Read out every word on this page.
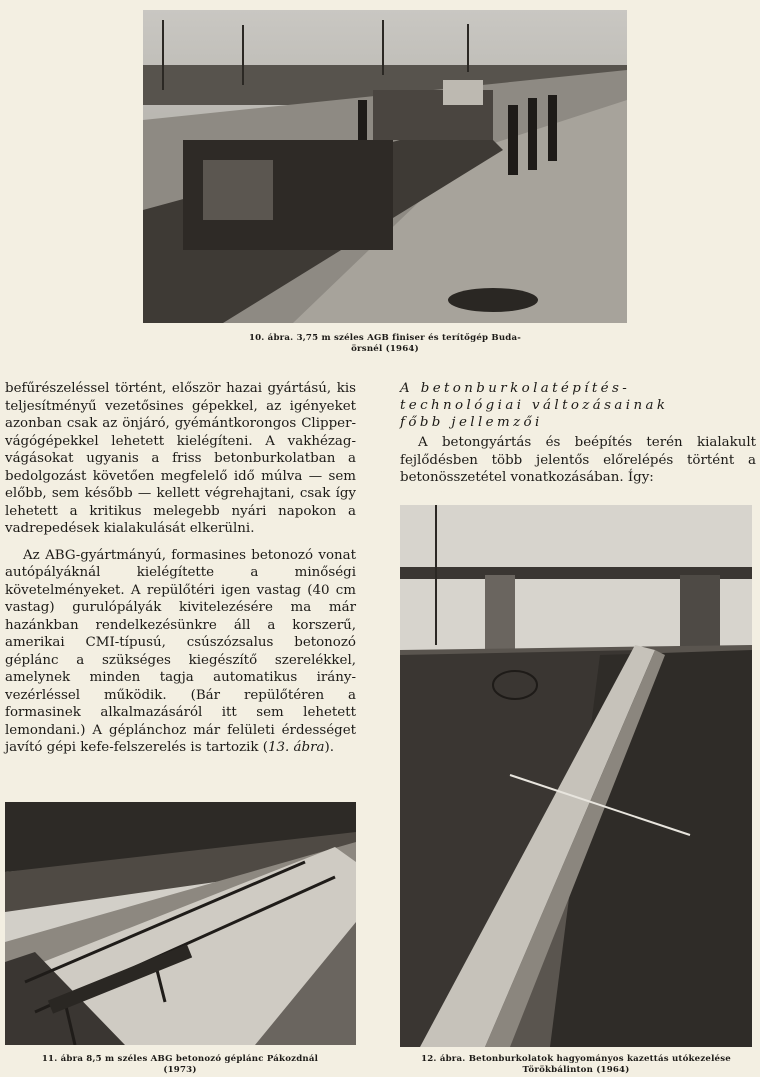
10. ábra. 3,75 m széles AGB finiser és terítőgép Buda-
örsnél (1964)

befűrészeléssel történt, először hazai gyártású, kis teljesítményű vezetősines gépekkel, az igényeket azonban csak az önjáró, gyémántkorongos Clipper-vágógépekkel lehetett kielégíteni. A vakhézag-vágásokat ugyanis a friss betonburkolatban a bedolgozást követően megfelelő idő múlva — sem előbb, sem később — kellett végrehajtani, csak így lehetett a kritikus melegebb nyári napokon a vadrepedések kialakulását elkerülni.

Az ABG-gyártmányú, formasines betonozó vonat autópályáknál kielégítette a minőségi követelményeket. A repülőtéri igen vastag (40 cm vastag) gurulópályák kivitelezésére ma már hazánkban rendelkezésünkre áll a korszerű, amerikai CMI-típusú, csúszózsalus betonozó géplánc a szükséges kiegészítő szerelékkel, amelynek minden tagja automatikus irány-vezérléssel működik. (Bár repülőtéren a formasinek alkalmazásáról itt sem lehetett lemondani.) A géplánchoz már felületi érdességet javító gépi kefe-felszerelés is tartozik (13. ábra).

A betonburkolatépítés-
technológiai változásainak
főbb jellemzői

A betongyártás és beépítés terén kialakult fejlődésben több jelentős előrelépés történt a betonösszetétel vonatkozásában. Így:

11. ábra 8,5 m széles ABG betonozó géplánc Pákozdnál
(1973)
12. ábra. Betonburkolatok hagyományos kazettás utókezelése
Törökbálinton (1964)
